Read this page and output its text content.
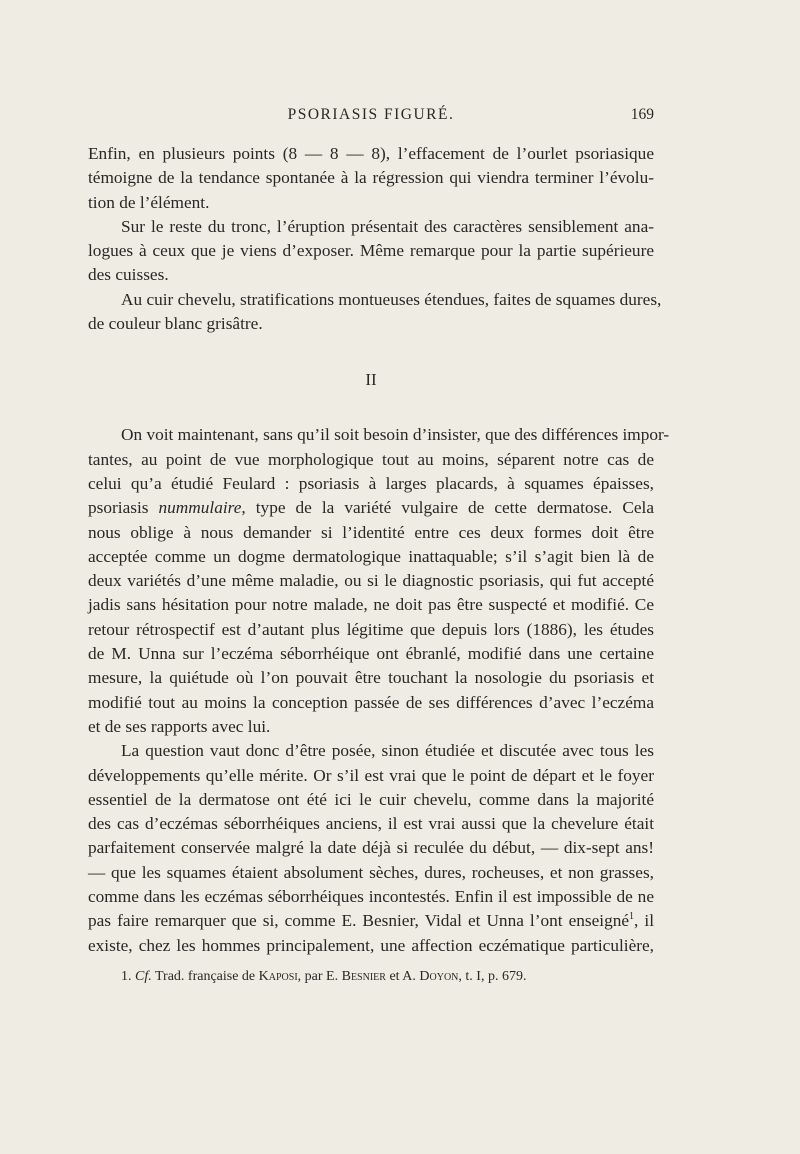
PSORIASIS FIGURÉ.	169
Enfin, en plusieurs points (8 — 8 — 8), l’effacement de l’ourlet psoriasique
témoigne de la tendance spontanée à la régression qui viendra terminer l’évolu-
tion de l’élément.
Sur le reste du tronc, l’éruption présentait des caractères sensiblement ana-
logues à ceux que je viens d’exposer. Même remarque pour la partie supérieure
des cuisses.
Au cuir chevelu, stratifications montueuses étendues, faites de squames dures,
de couleur blanc grisâtre.
II
On voit maintenant, sans qu’il soit besoin d’insister, que des différences impor-
tantes, au point de vue morphologique tout au moins, séparent notre cas de
celui qu’a étudié Feulard : psoriasis à larges placards, à squames épaisses,
psoriasis nummulaire, type de la variété vulgaire de cette dermatose. Cela
nous oblige à nous demander si l’identité entre ces deux formes doit être
acceptée comme un dogme dermatologique inattaquable; s’il s’agit bien là de
deux variétés d’une même maladie, ou si le diagnostic psoriasis, qui fut accepté
jadis sans hésitation pour notre malade, ne doit pas être suspecté et modifié. Ce
retour rétrospectif est d’autant plus légitime que depuis lors (1886), les études
de M. Unna sur l’eczéma séborrhéique ont ébranlé, modifié dans une certaine
mesure, la quiétude où l’on pouvait être touchant la nosologie du psoriasis et
modifié tout au moins la conception passée de ses différences d’avec l’eczéma
et de ses rapports avec lui.
La question vaut donc d’être posée, sinon étudiée et discutée avec tous les
développements qu’elle mérite. Or s’il est vrai que le point de départ et le foyer
essentiel de la dermatose ont été ici le cuir chevelu, comme dans la majorité
des cas d’eczémas séborrhéiques anciens, il est vrai aussi que la chevelure était
parfaitement conservée malgré la date déjà si reculée du début, — dix-sept ans!
— que les squames étaient absolument sèches, dures, rocheuses, et non grasses,
comme dans les eczémas séborrhéiques incontestés. Enfin il est impossible de ne
pas faire remarquer que si, comme E. Besnier, Vidal et Unna l’ont enseigné$^1$, il
existe, chez les hommes principalement, une affection eczématique particulière,
1. Cf. Trad. française de Kaposi, par E. Besnier et A. Doyon, t. I, p. 679.
